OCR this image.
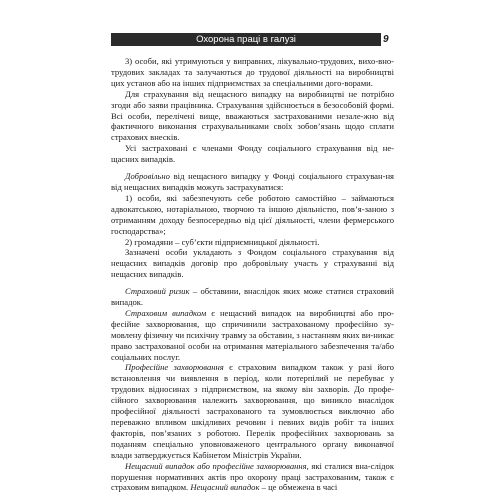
Охорона праці в галузі	9

3) особи, які утримуються у виправних, лікувально-трудових, вихо-вно-трудових закладах та залучаються до трудової діяльності на виробництві цих установ або на інших підприємствах за спеціальними дого-ворами.

Для страхування від нещасного випадку на виробництві не потрібно згоди або заяви працівника. Страхування здійснюється в безособовій формі. Всі особи, перелічені вище, вважаються застрахованими незале-жно від фактичного виконання страхувальниками своїх зобов’язань щодо сплати страхових внесків.

Усі застраховані є членами Фонду соціального страхування від не-щасних випадків.

Добровільно від нещасного випадку у Фонді соціального страхуван-ня від нещасних випадків можуть застрахуватися:

1) особи, які забезпечують себе роботою самостійно – займаються адвокатською, нотаріальною, творчою та іншою діяльністю, пов’я-заною з отриманням доходу безпосередньо від цієї діяльності, члени фермерського господарства»;

2) громадяни – суб’єкти підприємницької діяльності.

Зазначені особи укладають з Фондом соціального страхування від нещасних випадків договір про добровільну участь у страхуванні від нещасних випадків.

Страховий ризик – обставини, внаслідок яких може статися страховий випадок.

Страховим випадком є нещасний випадок на виробництві або про-фесійне захворювання, що спричинили застрахованому професійно зу-мовлену фізичну чи психічну травму за обставин, з настанням яких ви-никає право застрахованої особи на отримання матеріального забезпечення та/або соціальних послуг.

Професійне захворювання є страховим випадком також у разі його встановлення чи виявлення в період, коли потерпілий не перебуває у трудових відносинах з підприємством, на якому він захворів. До профе-сійного захворювання належить захворювання, що виникло внаслідок професійної діяльності застрахованого та зумовлюється виключно або переважно впливом шкідливих речовин і певних видів робіт та інших факторів, пов’язаних з роботою. Перелік професійних захворювань за поданням спеціально уповноваженого центрального органу виконавчої влади затверджується Кабінетом Міністрів України.

Нещасний випадок або професійне захворювання, які сталися вна-слідок порушення нормативних актів про охорону праці застрахованим, також є страховим випадком. Нещасний випадок – це обмежена в часі
